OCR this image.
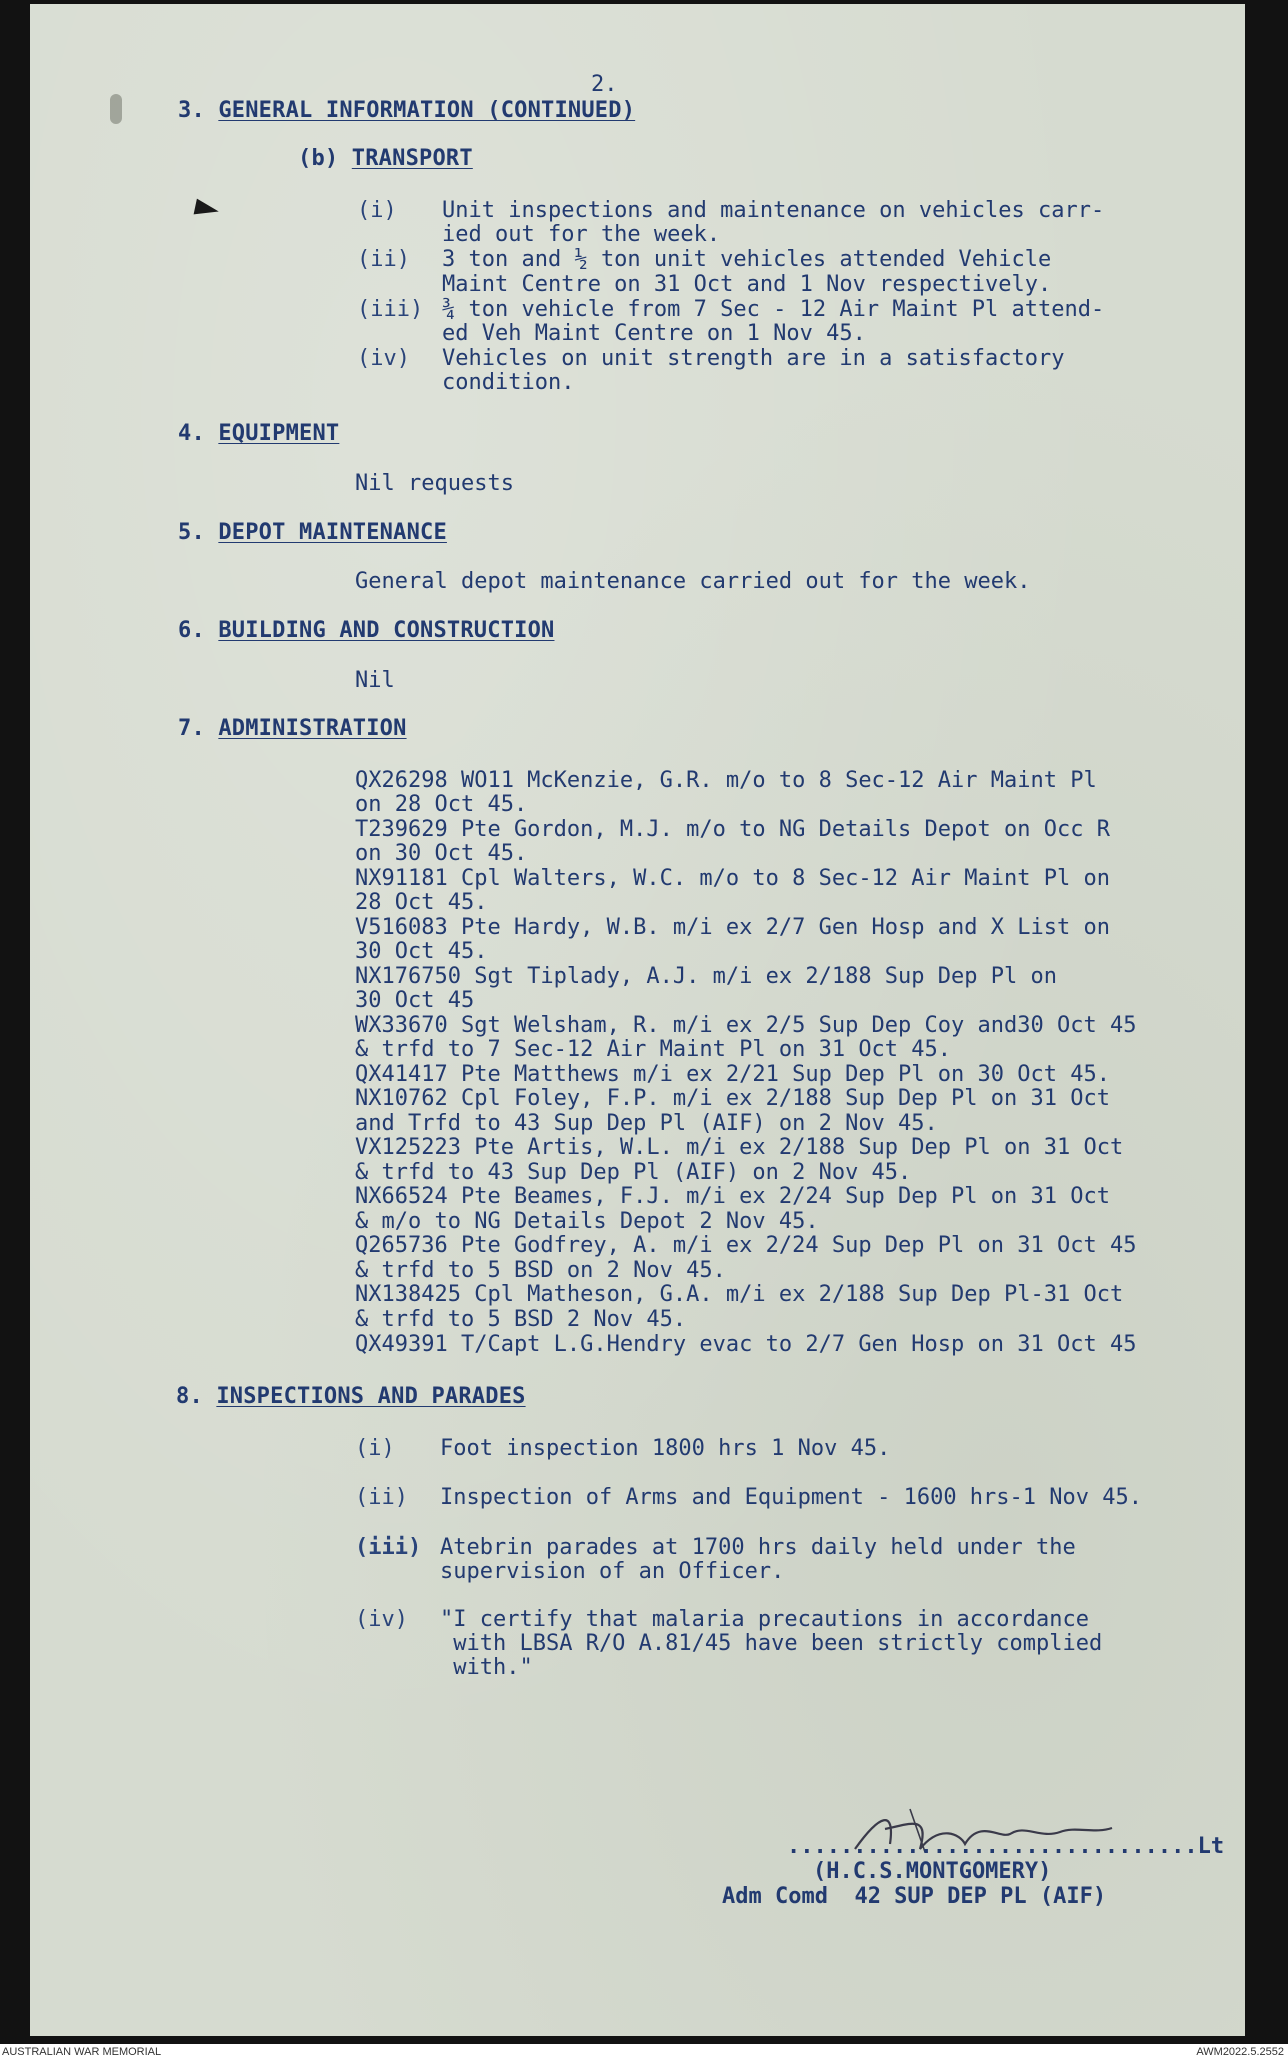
2.
3. GENERAL INFORMATION (CONTINUED)
(b) TRANSPORT
(i) Unit inspections and maintenance on vehicles carr-
ied out for the week.
(ii) 3 ton and ½ ton unit vehicles attended Vehicle
Maint Centre on 31 Oct and 1 Nov respectively.
(iii) ¾ ton vehicle from 7 Sec - 12 Air Maint Pl attend-
ed Veh Maint Centre on 1 Nov 45.
(iv) Vehicles on unit strength are in a satisfactory
condition.
4. EQUIPMENT
Nil requests
5. DEPOT MAINTENANCE
General depot maintenance carried out for the week.
6. BUILDING AND CONSTRUCTION
Nil
7. ADMINISTRATION
QX26298 WO11 McKenzie, G.R. m/o to 8 Sec-12 Air Maint Pl
on 28 Oct 45.
T239629 Pte Gordon, M.J. m/o to NG Details Depot on Occ R
on 30 Oct 45.
NX91181 Cpl Walters, W.C. m/o to 8 Sec-12 Air Maint Pl on
28 Oct 45.
V516083 Pte Hardy, W.B. m/i ex 2/7 Gen Hosp and X List on
30 Oct 45.
NX176750 Sgt Tiplady, A.J. m/i ex 2/188 Sup Dep Pl on
30 Oct 45
WX33670 Sgt Welsham, R. m/i ex 2/5 Sup Dep Coy and30 Oct 45
& trfd to 7 Sec-12 Air Maint Pl on 31 Oct 45.
QX41417 Pte Matthews m/i ex 2/21 Sup Dep Pl on 30 Oct 45.
NX10762 Cpl Foley, F.P. m/i ex 2/188 Sup Dep Pl on 31 Oct
and Trfd to 43 Sup Dep Pl (AIF) on 2 Nov 45.
VX125223 Pte Artis, W.L. m/i ex 2/188 Sup Dep Pl on 31 Oct
& trfd to 43 Sup Dep Pl (AIF) on 2 Nov 45.
NX66524 Pte Beames, F.J. m/i ex 2/24 Sup Dep Pl on 31 Oct
& m/o to NG Details Depot 2 Nov 45.
Q265736 Pte Godfrey, A. m/i ex 2/24 Sup Dep Pl on 31 Oct 45
& trfd to 5 BSD on 2 Nov 45.
NX138425 Cpl Matheson, G.A. m/i ex 2/188 Sup Dep Pl-31 Oct
& trfd to 5 BSD 2 Nov 45.
QX49391 T/Capt L.G.Hendry evac to 2/7 Gen Hosp on 31 Oct 45
8. INSPECTIONS AND PARADES
(i) Foot inspection 1800 hrs 1 Nov 45.
(ii) Inspection of Arms and Equipment - 1600 hrs-1 Nov 45.
(iii) Atebrin parades at 1700 hrs daily held under the
supervision of an Officer.
(iv) "I certify that malaria precautions in accordance
with LBSA R/O A.81/45 have been strictly complied
with."
...............................Lt
(H.C.S.MONTGOMERY)
Adm Comd  42 SUP DEP PL (AIF)
AUSTRALIAN WAR MEMORIAL	AWM2022.5.2552
